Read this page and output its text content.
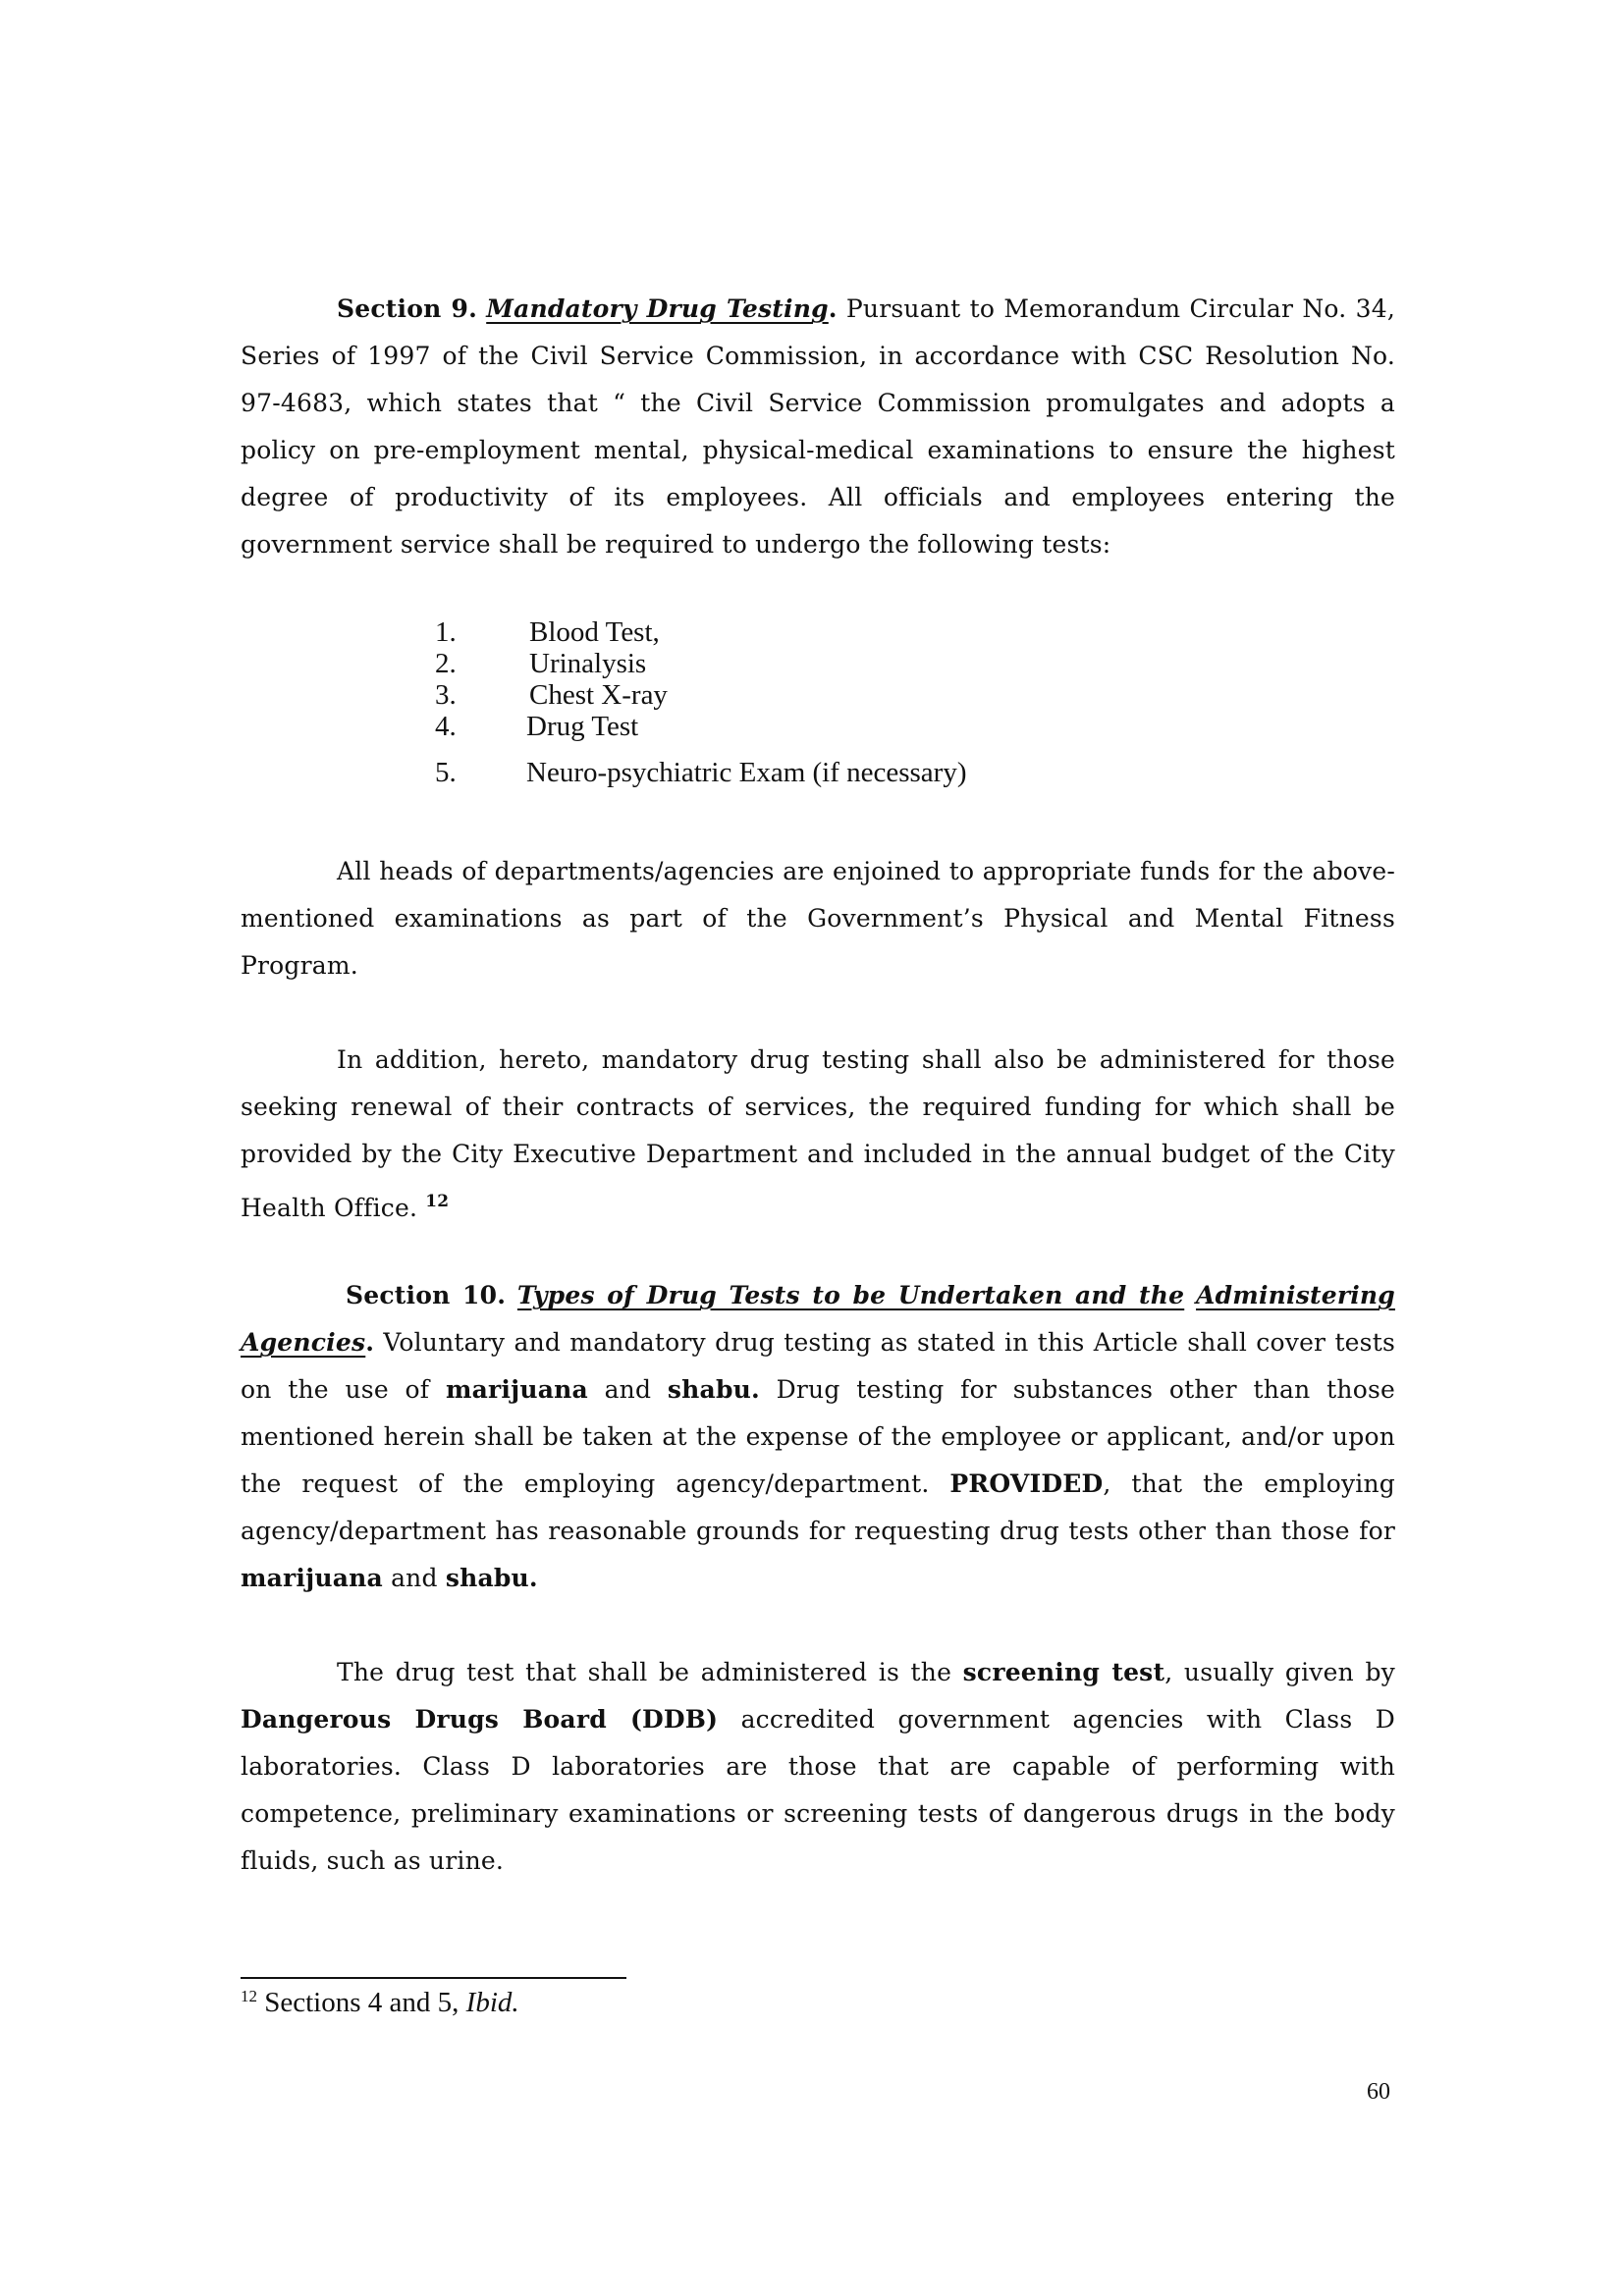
Section 9. Mandatory Drug Testing. Pursuant to Memorandum Circular No. 34, Series of 1997 of the Civil Service Commission, in accordance with CSC Resolution No. 97-4683, which states that “ the Civil Service Commission promulgates and adopts a policy on pre-employment mental, physical-medical examinations to ensure the highest degree of productivity of its employees. All officials and employees entering the government service shall be required to undergo the following tests:

1.	Blood Test,
2.	Urinalysis
3.	Chest X-ray
4.	Drug Test
5.	Neuro-psychiatric Exam (if necessary)

All heads of departments/agencies are enjoined to appropriate funds for the above-mentioned examinations as part of the Government’s Physical and Mental Fitness Program.

In addition, hereto, mandatory drug testing shall also be administered for those seeking renewal of their contracts of services, the required funding for which shall be provided by the City Executive Department and included in the annual budget of the City Health Office. $^{12}$

Section 10. Types of Drug Tests to be Undertaken and the Administering Agencies. Voluntary and mandatory drug testing as stated in this Article shall cover tests on the use of marijuana and shabu. Drug testing for substances other than those mentioned herein shall be taken at the expense of the employee or applicant, and/or upon the request of the employing agency/department. PROVIDED, that the employing agency/department has reasonable grounds for requesting drug tests other than those for marijuana and shabu.

The drug test that shall be administered is the screening test, usually given by Dangerous Drugs Board (DDB) accredited government agencies with Class D laboratories. Class D laboratories are those that are capable of performing with competence, preliminary examinations or screening tests of dangerous drugs in the body fluids, such as urine.

$^{12}$ Sections 4 and 5, Ibid.
60
